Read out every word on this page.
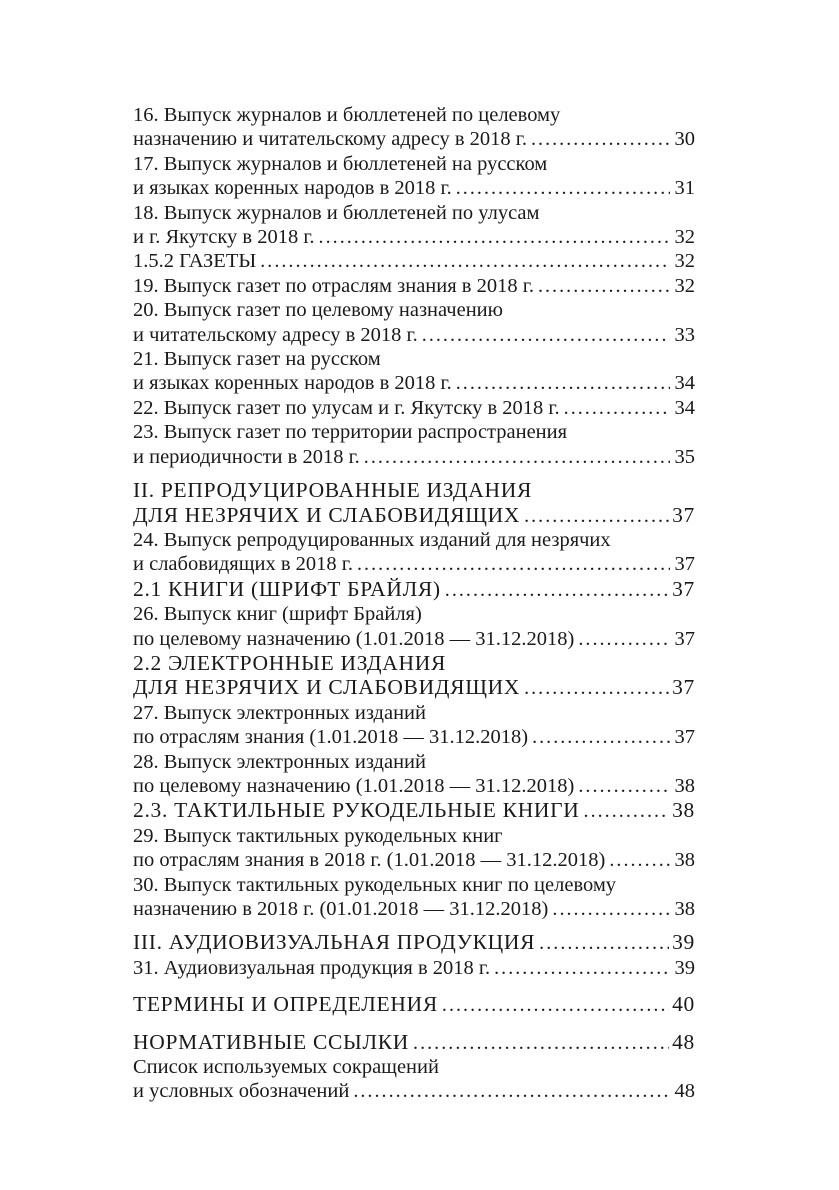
16. Выпуск журналов и бюллетеней по целевому
назначению и читательскому адресу в 2018 г. .....	30
17. Выпуск журналов и бюллетеней на русском
и языках коренных народов в 2018 г. .....	31
18. Выпуск журналов и бюллетеней по улусам
и г. Якутску в 2018 г. .....	32
1.5.2 ГАЗЕТЫ .....	32
19. Выпуск газет по отраслям знания в 2018 г. .....	32
20. Выпуск газет по целевому назначению
и читательскому адресу в 2018 г. .....	33
21. Выпуск газет на русском
и языках коренных народов в 2018 г. .....	34
22. Выпуск газет по улусам и г. Якутску в 2018 г. .....	34
23. Выпуск газет по территории распространения
и периодичности в 2018 г. .....	35
II. РЕПРОДУЦИРОВАННЫЕ ИЗДАНИЯ
ДЛЯ НЕЗРЯЧИХ И СЛАБОВИДЯЩИХ .....	37
24. Выпуск репродуцированных изданий для незрячих
и слабовидящих в 2018 г. .....	37
2.1 КНИГИ (ШРИФТ БРАЙЛЯ) .....	37
26. Выпуск книг (шрифт Брайля)
по целевому назначению (1.01.2018 — 31.12.2018) .....	37
2.2 ЭЛЕКТРОННЫЕ ИЗДАНИЯ
ДЛЯ НЕЗРЯЧИХ И СЛАБОВИДЯЩИХ .....	37
27. Выпуск электронных изданий
по отраслям знания (1.01.2018 — 31.12.2018) .....	37
28. Выпуск электронных изданий
по целевому назначению (1.01.2018 — 31.12.2018) .....	38
2.3. ТАКТИЛЬНЫЕ РУКОДЕЛЬНЫЕ КНИГИ .....	38
29. Выпуск тактильных рукодельных книг
по отраслям знания в 2018 г. (1.01.2018 — 31.12.2018) .....	38
30. Выпуск тактильных рукодельных книг по целевому
назначению в 2018 г. (01.01.2018 — 31.12.2018) .....	38
III. АУДИОВИЗУАЛЬНАЯ ПРОДУКЦИЯ .....	39
31. Аудиовизуальная продукция в 2018 г. .....	39
ТЕРМИНЫ И ОПРЕДЕЛЕНИЯ .....	40
НОРМАТИВНЫЕ ССЫЛКИ .....	48
Список используемых сокращений
и условных обозначений .....	48
